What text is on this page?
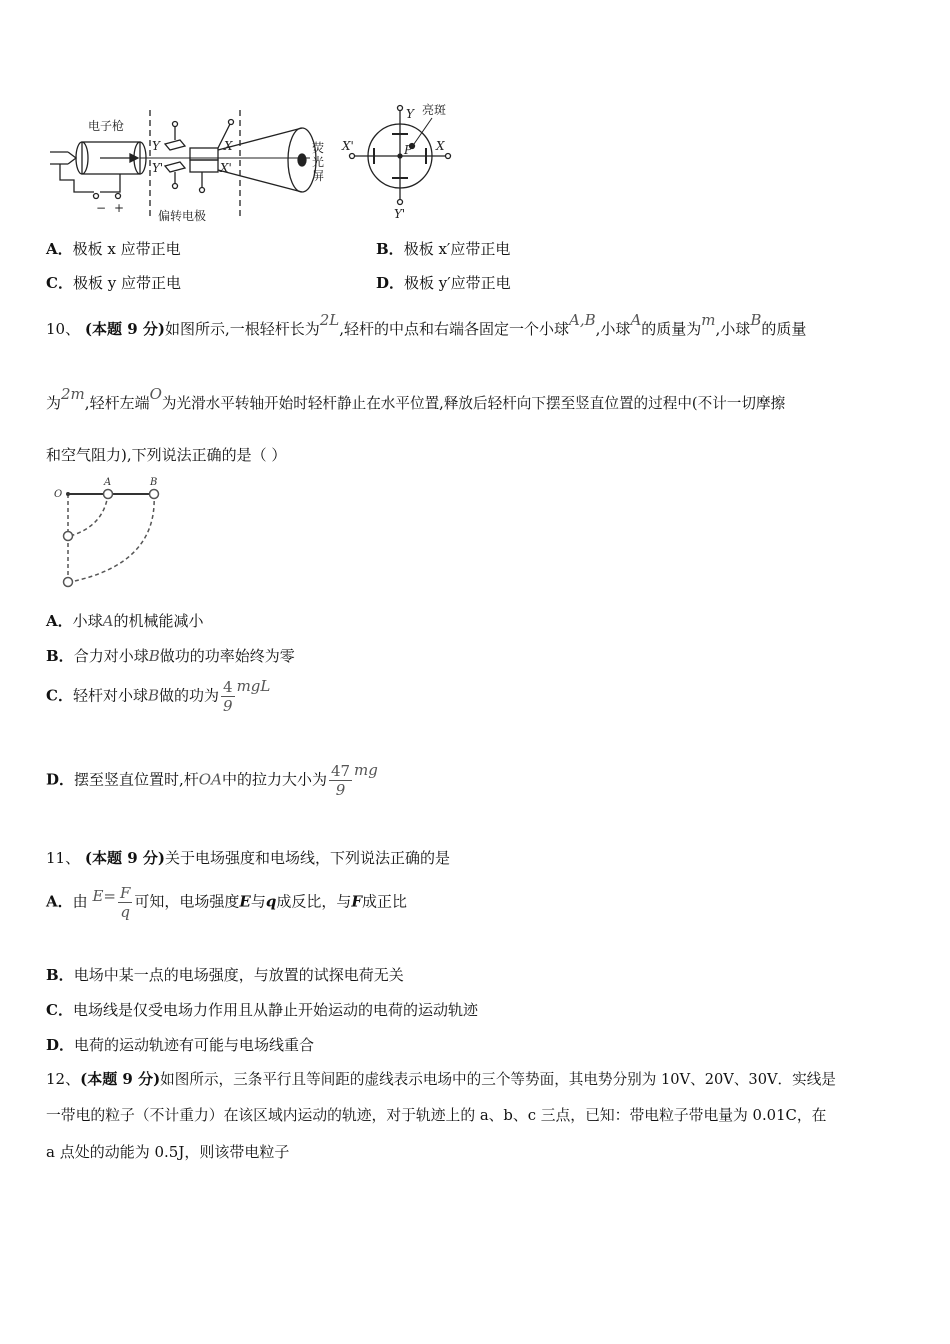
电子枪
偏转电极
荧
光
屏
亮斑
− +
Y
Y'
X
X'
Y
Y'
X'	X
P
A．极板 x 应带正电	B．极板 x′应带正电
C．极板 y 应带正电	D．极板 y′应带正电
10、 (本题 9 分)如图所示,一根轻杆长为2L,轻杆的中点和右端各固定一个小球A,B,小球A的质量为m,小球B的质量
为2m,轻杆左端O为光滑水平转轴开始时轻杆静止在水平位置,释放后轻杆向下摆至竖直位置的过程中(不计一切摩擦
和空气阻力),下列说法正确的是（ ）
O
A	B
A．小球A的机械能减小
B．合力对小球B做功的功率始终为零
C．轻杆对小球B做的功为 $\frac{4}{9}$ mgL
D．摆至竖直位置时,杆OA中的拉力大小为 $\frac{47}{9}$ mg
11、 (本题 9 分)关于电场强度和电场线，下列说法正确的是
A．由 $E= \frac{F}{q}$ 可知，电场强度E与q成反比，与F成正比
B．电场中某一点的电场强度，与放置的试探电荷无关
C．电场线是仅受电场力作用且从静止开始运动的电荷的运动轨迹
D．电荷的运动轨迹有可能与电场线重合
12、(本题 9 分)如图所示，三条平行且等间距的虚线表示电场中的三个等势面，其电势分别为 10V、20V、30V．实线是
一带电的粒子（不计重力）在该区域内运动的轨迹，对于轨迹上的 a、b、c 三点，已知：带电粒子带电量为 0.01C，在
a 点处的动能为 0.5J，则该带电粒子
